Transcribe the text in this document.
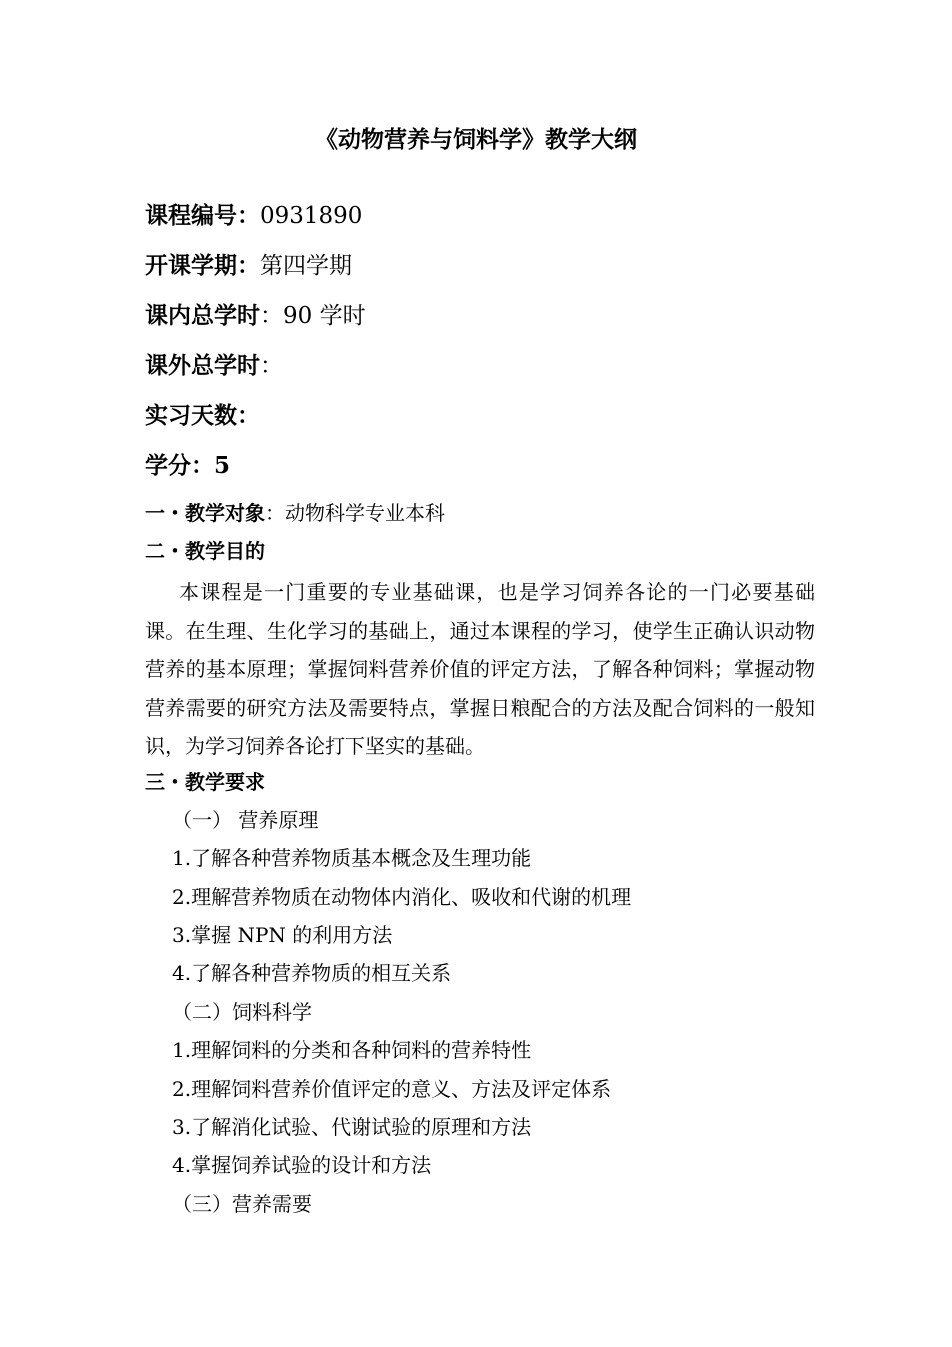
《动物营养与饲料学》教学大纲
课程编号：0931890
开课学期：第四学期
课内总学时：90 学时
课外总学时：
实习天数：
学分：5
一・教学对象：动物科学专业本科
二・教学目的
本课程是一门重要的专业基础课，也是学习饲养各论的一门必要基础课。在生理、生化学习的基础上，通过本课程的学习，使学生正确认识动物营养的基本原理；掌握饲料营养价值的评定方法，了解各种饲料；掌握动物营养需要的研究方法及需要特点，掌握日粮配合的方法及配合饲料的一般知识，为学习饲养各论打下坚实的基础。
三・教学要求
（一） 营养原理
1.了解各种营养物质基本概念及生理功能
2.理解营养物质在动物体内消化、吸收和代谢的机理
3.掌握 NPN 的利用方法
4.了解各种营养物质的相互关系
（二）饲料科学
1.理解饲料的分类和各种饲料的营养特性
2.理解饲料营养价值评定的意义、方法及评定体系
3.了解消化试验、代谢试验的原理和方法
4.掌握饲养试验的设计和方法
（三）营养需要
